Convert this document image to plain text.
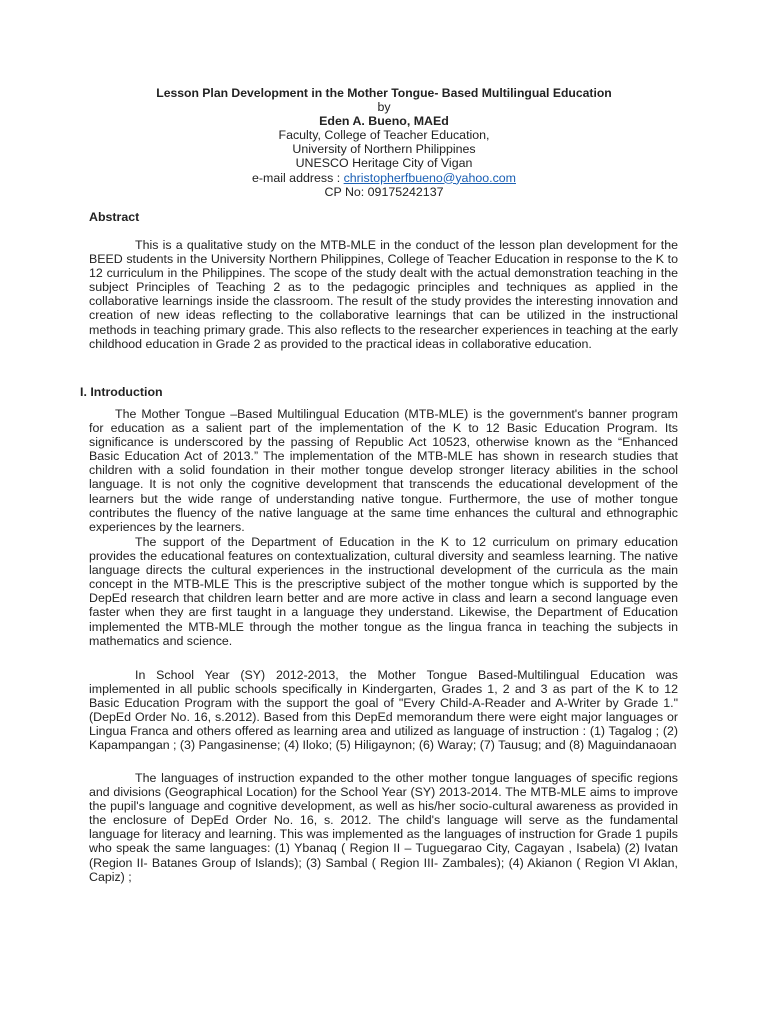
Lesson Plan Development in the Mother Tongue- Based Multilingual Education
by
Eden A. Bueno, MAEd
Faculty, College of Teacher Education,
University of Northern Philippines
UNESCO Heritage City of Vigan
e-mail address : christopherfbueno@yahoo.com
CP No: 09175242137
Abstract

This is a qualitative study on the MTB-MLE in the conduct of the lesson plan development for the BEED students in the University Northern Philippines, College of Teacher Education in response to the K to 12 curriculum in the Philippines. The scope of the study dealt with the actual demonstration teaching in the subject Principles of Teaching 2 as to the pedagogic principles and techniques as applied in the collaborative learnings inside the classroom. The result of the study provides the interesting innovation and creation of new ideas reflecting to the collaborative learnings that can be utilized in the instructional methods in teaching primary grade. This also reflects to the researcher experiences in teaching at the early childhood education in Grade 2 as provided to the practical ideas in collaborative education.

I. Introduction

The Mother Tongue –Based Multilingual Education (MTB-MLE) is the government's banner program for education as a salient part of the implementation of the K to 12 Basic Education Program. Its significance is underscored by the passing of Republic Act 10523, otherwise known as the “Enhanced Basic Education Act of 2013.” The implementation of the MTB-MLE has shown in research studies that children with a solid foundation in their mother tongue develop stronger literacy abilities in the school language. It is not only the cognitive development that transcends the educational development of the learners but the wide range of understanding native tongue. Furthermore, the use of mother tongue contributes the fluency of the native language at the same time enhances the cultural and ethnographic experiences by the learners.

The support of the Department of Education in the K to 12 curriculum on primary education provides the educational features on contextualization, cultural diversity and seamless learning. The native language directs the cultural experiences in the instructional development of the curricula as the main concept in the MTB-MLE This is the prescriptive subject of the mother tongue which is supported by the DepEd research that children learn better and are more active in class and learn a second language even faster when they are first taught in a language they understand. Likewise, the Department of Education implemented the MTB-MLE through the mother tongue as the lingua franca in teaching the subjects in mathematics and science.

In School Year (SY) 2012-2013, the Mother Tongue Based-Multilingual Education was implemented in all public schools specifically in Kindergarten, Grades 1, 2 and 3 as part of the K to 12 Basic Education Program with the support the goal of "Every Child-A-Reader and A-Writer by Grade 1." (DepEd Order No. 16, s.2012). Based from this DepEd memorandum there were eight major languages or Lingua Franca and others offered as learning area and utilized as language of instruction : (1) Tagalog ; (2) Kapampangan ; (3) Pangasinense; (4) Iloko; (5) Hiligaynon; (6) Waray; (7) Tausug; and (8) Maguindanaoan

The languages of instruction expanded to the other mother tongue languages of specific regions and divisions (Geographical Location) for the School Year (SY) 2013-2014. The MTB-MLE aims to improve the pupil's language and cognitive development, as well as his/her socio-cultural awareness as provided in the enclosure of DepEd Order No. 16, s. 2012. The child's language will serve as the fundamental language for literacy and learning. This was implemented as the languages of instruction for Grade 1 pupils who speak the same languages: (1) Ybanaq ( Region II – Tuguegarao City, Cagayan , Isabela) (2) Ivatan (Region II- Batanes Group of Islands); (3) Sambal ( Region III- Zambales); (4) Akianon ( Region VI Aklan, Capiz) ;
